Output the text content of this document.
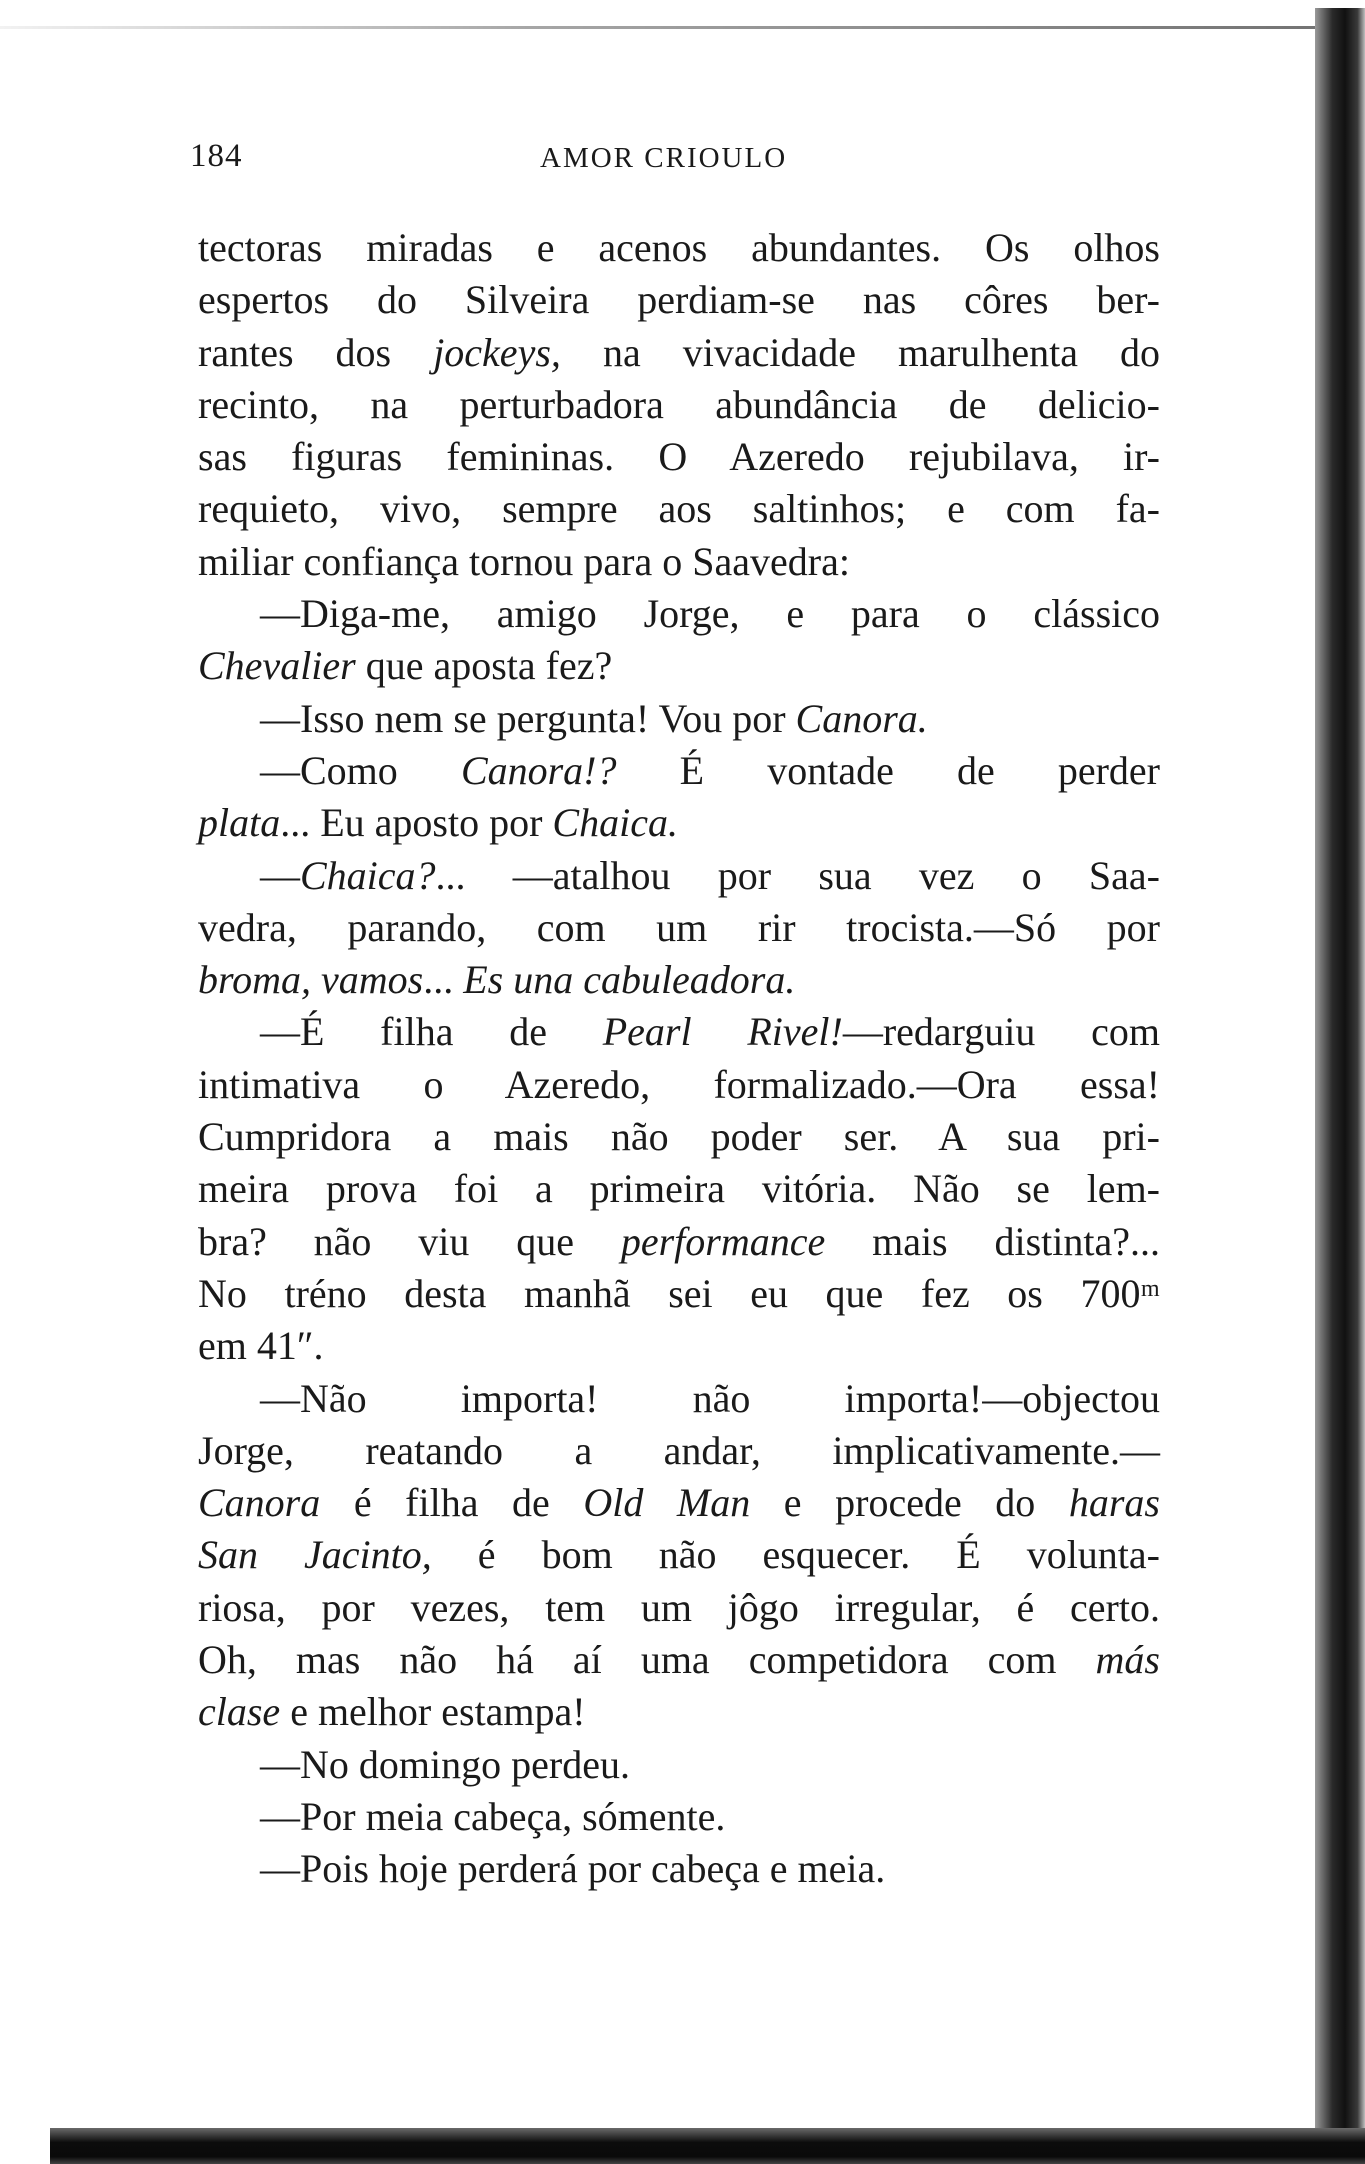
184	AMOR CRIOULO
tectoras miradas e acenos abundantes. Os olhos
espertos do Silveira perdiam-se nas côres ber-
rantes dos jockeys, na vivacidade marulhenta do
recinto, na perturbadora abundância de delicio-
sas figuras femininas. O Azeredo rejubilava, ir-
requieto, vivo, sempre aos saltinhos; e com fa-
miliar confiança tornou para o Saavedra:
—Diga-me, amigo Jorge, e para o clássico
Chevalier que aposta fez?
—Isso nem se pergunta! Vou por Canora.
—Como Canora!? É vontade de perder
plata... Eu aposto por Chaica.
—Chaica?... —atalhou por sua vez o Saa-
vedra, parando, com um rir trocista.—Só por
broma, vamos... Es una cabuleadora.
—É filha de Pearl Rivel!—redarguiu com
intimativa o Azeredo, formalizado.—Ora essa!
Cumpridora a mais não poder ser. A sua pri-
meira prova foi a primeira vitória. Não se lem-
bra? não viu que performance mais distinta?...
No tréno desta manhã sei eu que fez os 700ᵐ
em 41″.
—Não importa! não importa!—objectou
Jorge, reatando a andar, implicativamente.—
Canora é filha de Old Man e procede do haras
San Jacinto, é bom não esquecer. É volunta-
riosa, por vezes, tem um jôgo irregular, é certo.
Oh, mas não há aí uma competidora com más
clase e melhor estampa!
—No domingo perdeu.
—Por meia cabeça, sómente.
—Pois hoje perderá por cabeça e meia.
